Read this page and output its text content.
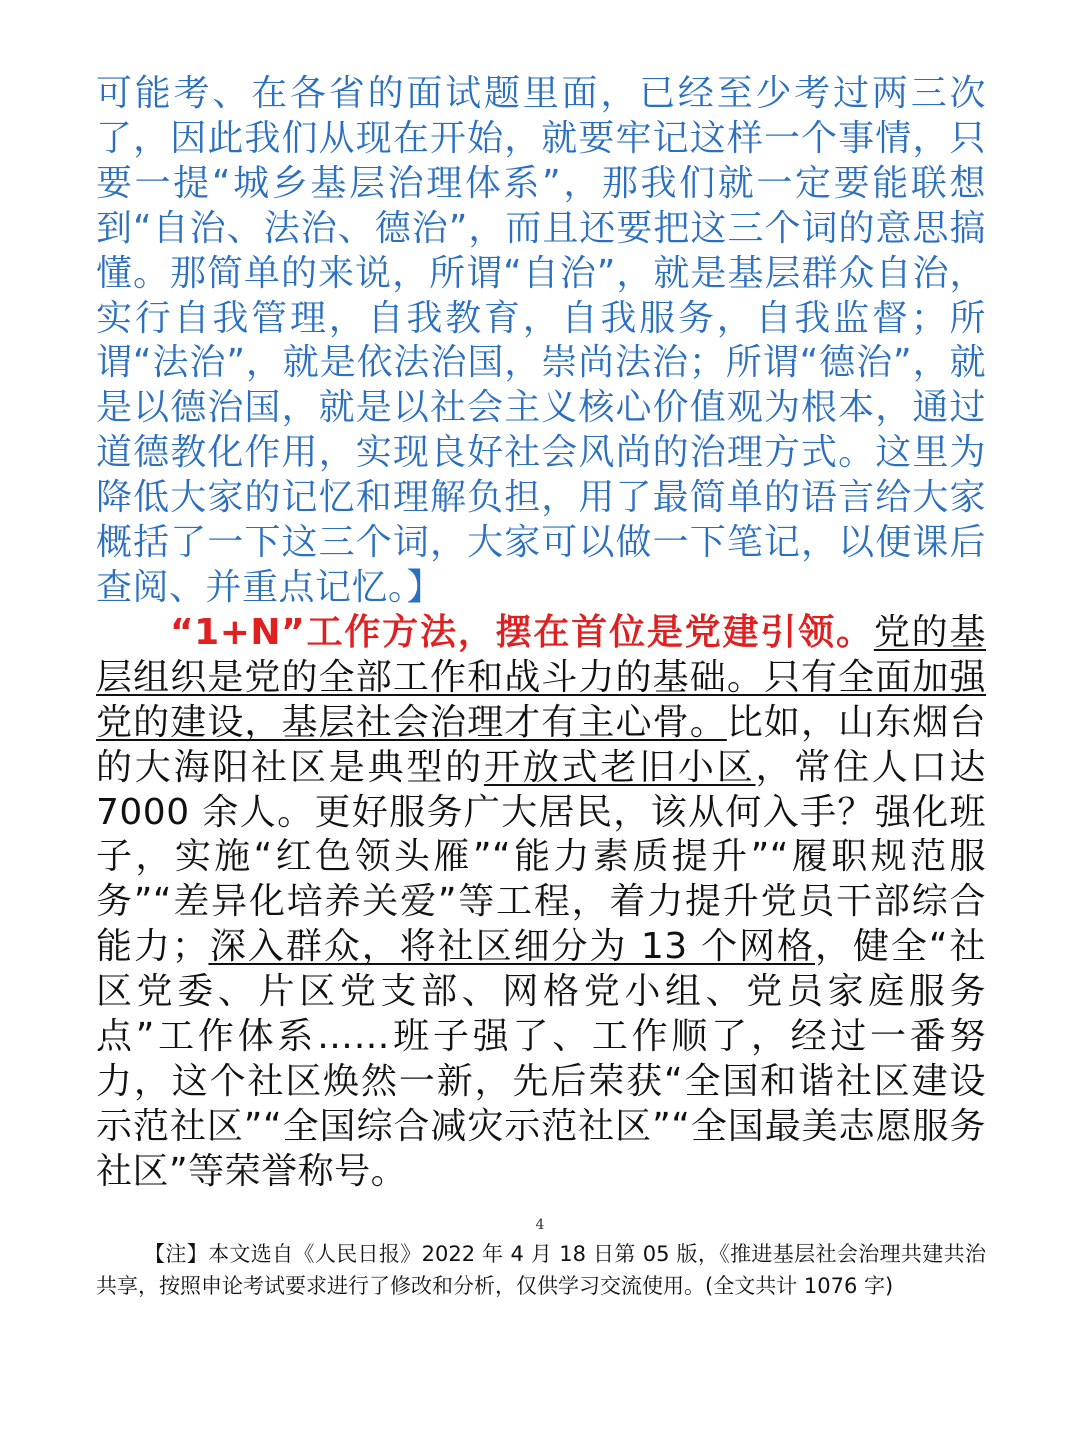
可能考、在各省的面试题里面，已经至少考过两三次了，因此我们从现在开始，就要牢记这样一个事情，只要一提“城乡基层治理体系”，那我们就一定要能联想到“自治、法治、德治”，而且还要把这三个词的意思搞懂。那简单的来说，所谓“自治”，就是基层群众自治，实行自我管理，自我教育，自我服务，自我监督；所谓“法治”，就是依法治国，崇尚法治；所谓“德治”，就是以德治国，就是以社会主义核心价值观为根本，通过道德教化作用，实现良好社会风尚的治理方式。这里为降低大家的记忆和理解负担，用了最简单的语言给大家概括了一下这三个词，大家可以做一下笔记，以便课后查阅、并重点记忆。】

“1+N”工作方法，摆在首位是党建引领。党的基层组织是党的全部工作和战斗力的基础。只有全面加强党的建设，基层社会治理才有主心骨。比如，山东烟台的大海阳社区是典型的开放式老旧小区，常住人口达 7000 余人。更好服务广大居民，该从何入手？强化班子，实施“红色领头雁”“能力素质提升”“履职规范服务”“差异化培养关爱”等工程，着力提升党员干部综合能力；深入群众，将社区细分为 13 个网格，健全“社区党委、片区党支部、网格党小组、党员家庭服务点”工作体系……班子强了、工作顺了，经过一番努力，这个社区焕然一新，先后荣获“全国和谐社区建设示范社区”“全国综合减灾示范社区”“全国最美志愿服务社区”等荣誉称号。

4

【注】本文选自《人民日报》2022 年 4 月 18 日第 05 版，《推进基层社会治理共建共治共享，按照申论考试要求进行了修改和分析，仅供学习交流使用。(全文共计 1076 字)
